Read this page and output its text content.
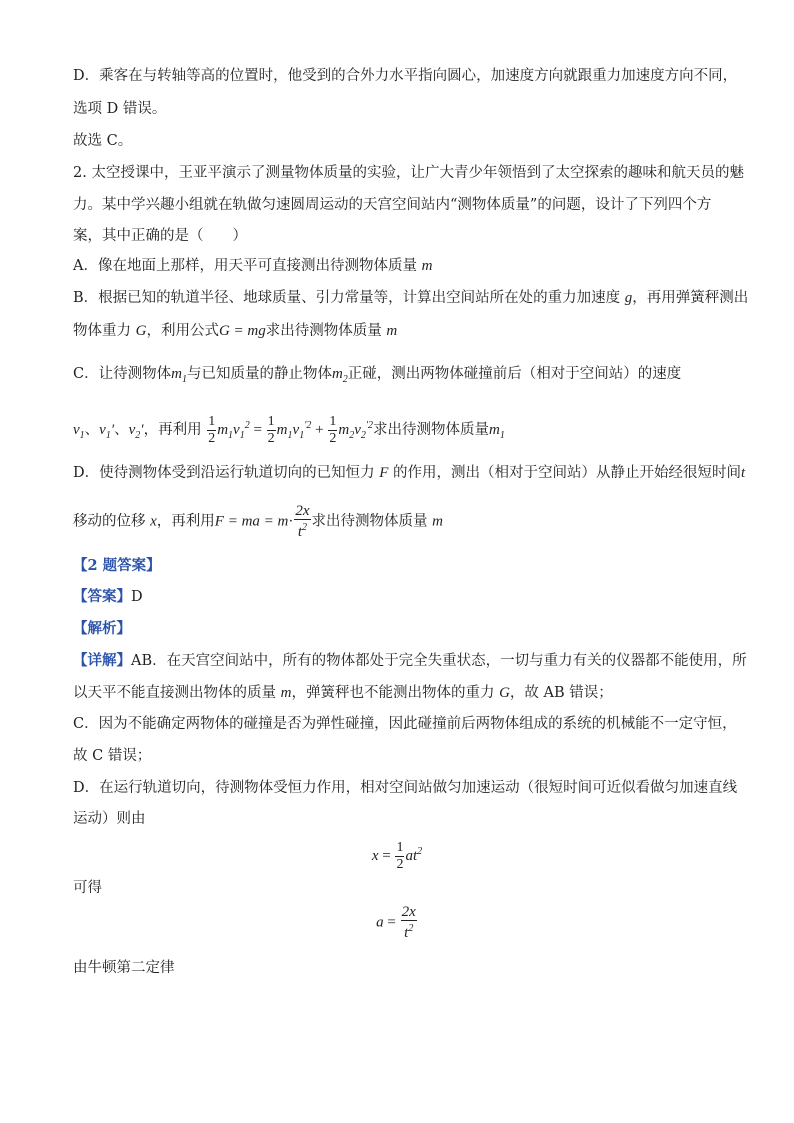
D．乘客在与转轴等高的位置时，他受到的合外力水平指向圆心，加速度方向就跟重力加速度方向不同，
选项 D 错误。
故选 C。
2. 太空授课中，王亚平演示了测量物体质量的实验，让广大青少年领悟到了太空探索的趣味和航天员的魅
力。某中学兴趣小组就在轨做匀速圆周运动的天宫空间站内“测物体质量”的问题，设计了下列四个方
案，其中正确的是（　　）
A．像在地面上那样，用天平可直接测出待测物体质量 m
B．根据已知的轨道半径、地球质量、引力常量等，计算出空间站所在处的重力加速度 g，再用弹簧秤测出
物体重力 G，利用公式G = mg求出待测物体质量 m
C．让待测物体$m_1$与已知质量的静止物体$m_2$正碰，测出两物体碰撞前后（相对于空间站）的速度
$v_1$、$v_1'$、$v_2'$，再利用 $\frac{1}{2} m_1v_1^2 = \frac{1}{2} m_1v_1^{'2} + \frac{1}{2} m_2v_2^{'2}$求出待测物体质量$m_1$
D．使待测物体受到沿运行轨道切向的已知恒力 F 的作用，测出（相对于空间站）从静止开始经很短时间t
移动的位移 x，再利用F = ma = $m\cdot \frac{2x}{t^2}$ 求出待测物体质量 m
【2 题答案】
【答案】D
【解析】
【详解】AB．在天宫空间站中，所有的物体都处于完全失重状态，一切与重力有关的仪器都不能使用，所
以天平不能直接测出物体的质量 m，弹簧秤也不能测出物体的重力 G，故 AB 错误；
C．因为不能确定两物体的碰撞是否为弹性碰撞，因此碰撞前后两物体组成的系统的机械能不一定守恒，
故 C 错误；
D．在运行轨道切向，待测物体受恒力作用，相对空间站做匀加速运动（很短时间可近似看做匀加速直线
运动）则由
$x = \frac{1}{2} at^2$
可得
$a = \frac{2x}{t^2}$
由牛顿第二定律
